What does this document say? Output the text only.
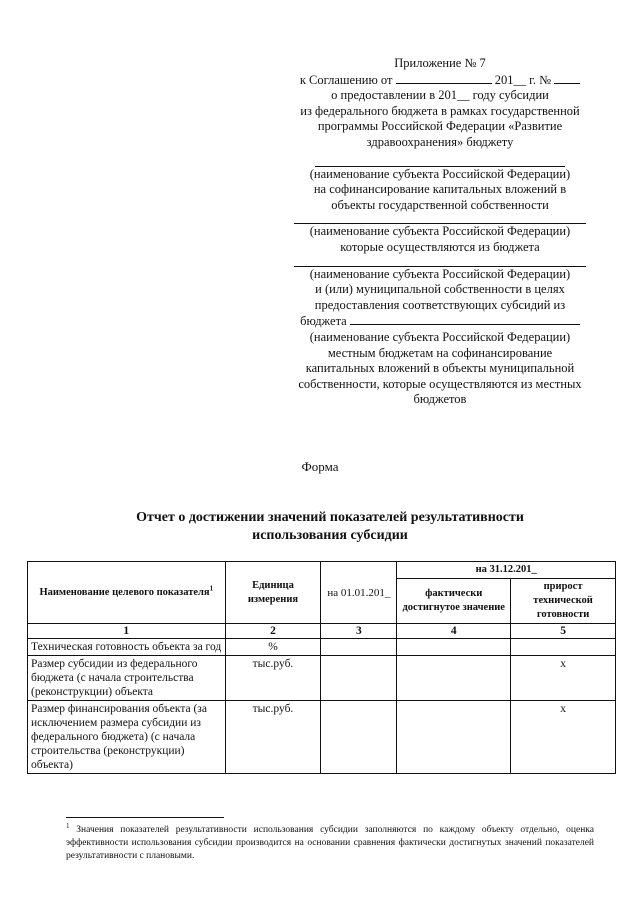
Приложение № 7
к Соглашению от	201__ г. №
о предоставлении в 201__ году субсидии
из федерального бюджета в рамках государственной
программы Российской Федерации «Развитие
здравоохранения» бюджету
(наименование субъекта Российской Федерации)
на софинансирование капитальных вложений в
объекты государственной собственности
(наименование субъекта Российской Федерации)
которые осуществляются из бюджета
(наименование субъекта Российской Федерации)
и (или) муниципальной собственности в целях
предоставления соответствующих субсидий из
бюджета
(наименование субъекта Российской Федерации)
местным бюджетам на софинансирование
капитальных вложений в объекты муниципальной
собственности, которые осуществляются из местных
бюджетов
Форма
Отчет о достижении значений показателей результативности
использования субсидии
Наименование целевого показателя$^1$	Единица измерения	на 01.01.201_	на 31.12.201_	
			фактически достигнутое значение	прирост технической готовности
1	2	3	4	5
Техническая готовность объекта за год	%			
Размер субсидии из федерального бюджета (с начала строительства (реконструкции) объекта	тыс.руб.			x
Размер финансирования объекта (за исключением размера субсидии из федерального бюджета) (с начала строительства (реконструкции) объекта)	тыс.руб.			x
$^1$ Значения показателей результативности использования субсидии заполняются по каждому объекту отдельно, оценка эффективности использования субсидии производится на основании сравнения фактически достигнутых значений показателей результативности с плановыми.
